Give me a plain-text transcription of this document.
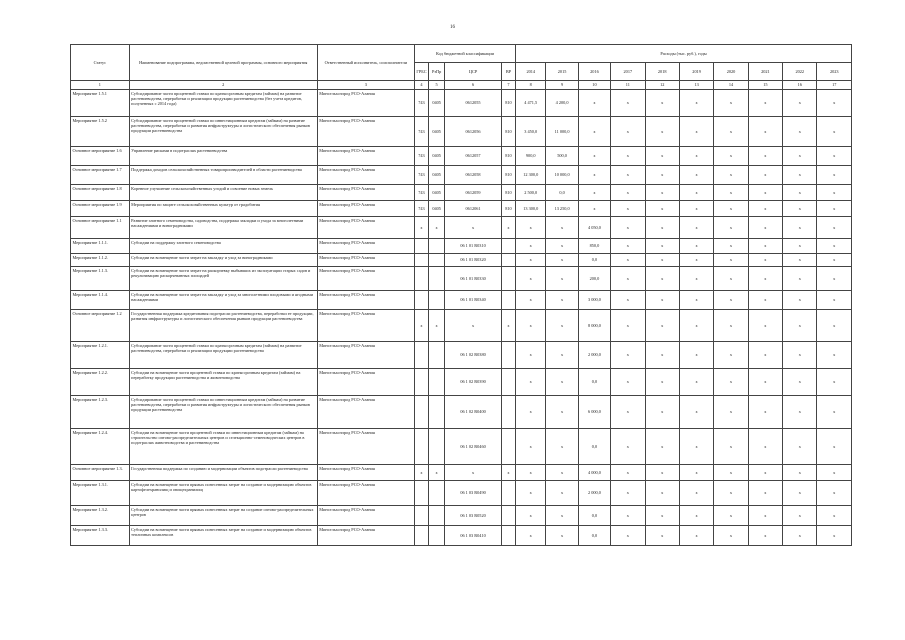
16
Статус	Наименование подпрограммы, ведомственной целевой программы, основного мероприятия	Ответственный исполнитель, соисполнители	Код бюджетной классификации				Расходы (тыс. руб.), годы									
			ГРБС	РзПр	ЦСР	ВР	2014	2015	2016	2017	2018	2019	2020	2021	2022	2023
1	2	3	4	5	6	7	8	9	10	11	12	13	14	15	16	17
Мероприятие 1.5.1	Субсидирование части процентной ставки по краткосрочным кредитам (займам) на развитие растениеводства, переработки и реализации продукции растениеводства (без учета кредитов, полученных с 2014 года)	Минсельхозпрод РСО-Алания	743	0405	0612055	810	4 471,5	4 200,0	x	x	x	x	x	x	x	x
Мероприятие 1.5.2	Субсидирование части процентной ставки по инвестиционным кредитам (займам) на развитие растениеводства, переработки и развития инфраструктуры и логистического обеспечения рынков продукции растениеводства	Минсельхозпрод РСО-Алания	743	0405	0612056	810	3 450,0	11 000,0	x	x	x	x	x	x	x	x
Основное мероприятие 1.6	Управление рисками в подотраслях растениеводства	Минсельхозпрод РСО-Алания	743	0405	0612057	810	900,0	500,0	x	x	x	x	x	x	x	x
Основное мероприятие 1.7	Поддержка доходов сельскохозяйственных товаропроизводителей в области растениеводства	Минсельхозпрод РСО-Алания	743	0405	0612058	810	12 300,0	10 000,0	x	x	x	x	x	x	x	x
Основное мероприятие 1.8	Коренное улучшение сельскохозяйственных угодий и освоение новых земель	Минсельхозпрод РСО-Алания	743	0405	0612059	810	2 500,0	0,0	x	x	x	x	x	x	x	x
Основное мероприятие 1.9	Мероприятия по защите сельскохозяйственных культур от градобития	Минсельхозпрод РСО-Алания	743	0405	0612061	810	13 300,0	13 250,0	x	x	x	x	x	x	x	x
Основное мероприятие 1.1	Развитие элитного семеноводства, садоводства, поддержка закладки и ухода за многолетними насаждениями и виноградниками	Минсельхозпрод РСО-Алания	x	x	x	x	x	x	4 050,0	x	x	x	x	x	x	x
Мероприятие 1.1.1.	Субсидии на поддержку элитного семеноводства	Минсельхозпрод РСО-Алания			06 1 01 R0310		x	x	850,0	x	x	x	x	x	x	x
Мероприятие 1.1.2.	Субсидии на возмещение части затрат на закладку и уход за виноградниками	Минсельхозпрод РСО-Алания			06 1 01 R0320		x	x	0,0	x	x	x	x	x	x	x
Мероприятие 1.1.3.	Субсидии на возмещение части затрат на раскорчевку выбывших из эксплуатации старых садов и рекультивацию раскорчеванных площадей	Минсельхозпрод РСО-Алания			06 1 01 R0330		x	x	200,0	x	x	x	x	x	x	x
Мероприятие 1.1.4.	Субсидии на возмещение части затрат на закладку и уход за многолетними плодовыми и ягодными насаждениями	Минсельхозпрод РСО-Алания			06 1 01 R0340		x	x	3 000,0	x	x	x	x	x	x	x
Основное мероприятие 1.2	Государственная поддержка кредитования подотрасли растениеводства, переработки ее продукции, развития инфраструктуры и логистического обеспечения рынков продукции растениеводства	Минсельхозпрод РСО-Алания	x	x	x	x	x	x	8 000,0	x	x	x	x	x	x	x
Мероприятие 1.2.1.	Субсидирование части процентной ставки по краткосрочным кредитам (займам) на развитие растениеводства, переработки и реализации продукции растениеводства	Минсельхозпрод РСО-Алания			06 1 02 R0380		x	x	2 000,0	x	x	x	x	x	x	x
Мероприятие 1.2.2.	Субсидии на возмещение части процентной ставки по краткосрочным кредитам (займам) на переработку продукции растениеводства и животноводства	Минсельхозпрод РСО-Алания			06 1 02 R0390		x	x	0,0	x	x	x	x	x	x	x
Мероприятие 1.2.3.	Субсидирование части процентной ставки по инвестиционным кредитам (займам) на развитие растениеводства, переработки и развития инфраструктуры и логистического обеспечения рынков продукции растениеводства	Минсельхозпрод РСО-Алания			06 1 02 R0400		x	x	6 000,0	x	x	x	x	x	x	x
Мероприятие 1.2.4.	Субсидии на возмещение части процентной ставки по инвестиционным кредитам (займам) на строительство оптово-распределительных центров и селекционно-семеноводческих центров в подотраслях животноводства и растениеводства	Минсельхозпрод РСО-Алания			06 1 02 R0460		x	x	0,0	x	x	x	x	x	x	x
Основное мероприятие 1.3.	Государственная поддержка по созданию и модернизации объектов подотрасли растениеводства	Минсельхозпрод РСО-Алания	x	x	x	x	x	x	4 000,0	x	x	x	x	x	x	x
Мероприятие 1.3.1.	Субсидии на возмещение части прямых понесенных затрат на создание и модернизацию объектов картофелехранилищ и овощехранилищ	Минсельхозпрод РСО-Алания			06 1 03 R0490		x	x	2 000,0	x	x	x	x	x	x	x
Мероприятие 1.3.2.	Субсидии на возмещение части прямых понесенных затрат на создание оптово-распределительных центров	Минсельхозпрод РСО-Алания			06 1 03 R0520		x	x	0,0	x	x	x	x	x	x	x
Мероприятие 1.3.3.	Субсидии на возмещение части прямых понесенных затрат на создание и модернизацию объектов тепличных комплексов	Минсельхозпрод РСО-Алания			06 1 03 R0410		x	x	0,0	x	x	x	x	x	x	x
